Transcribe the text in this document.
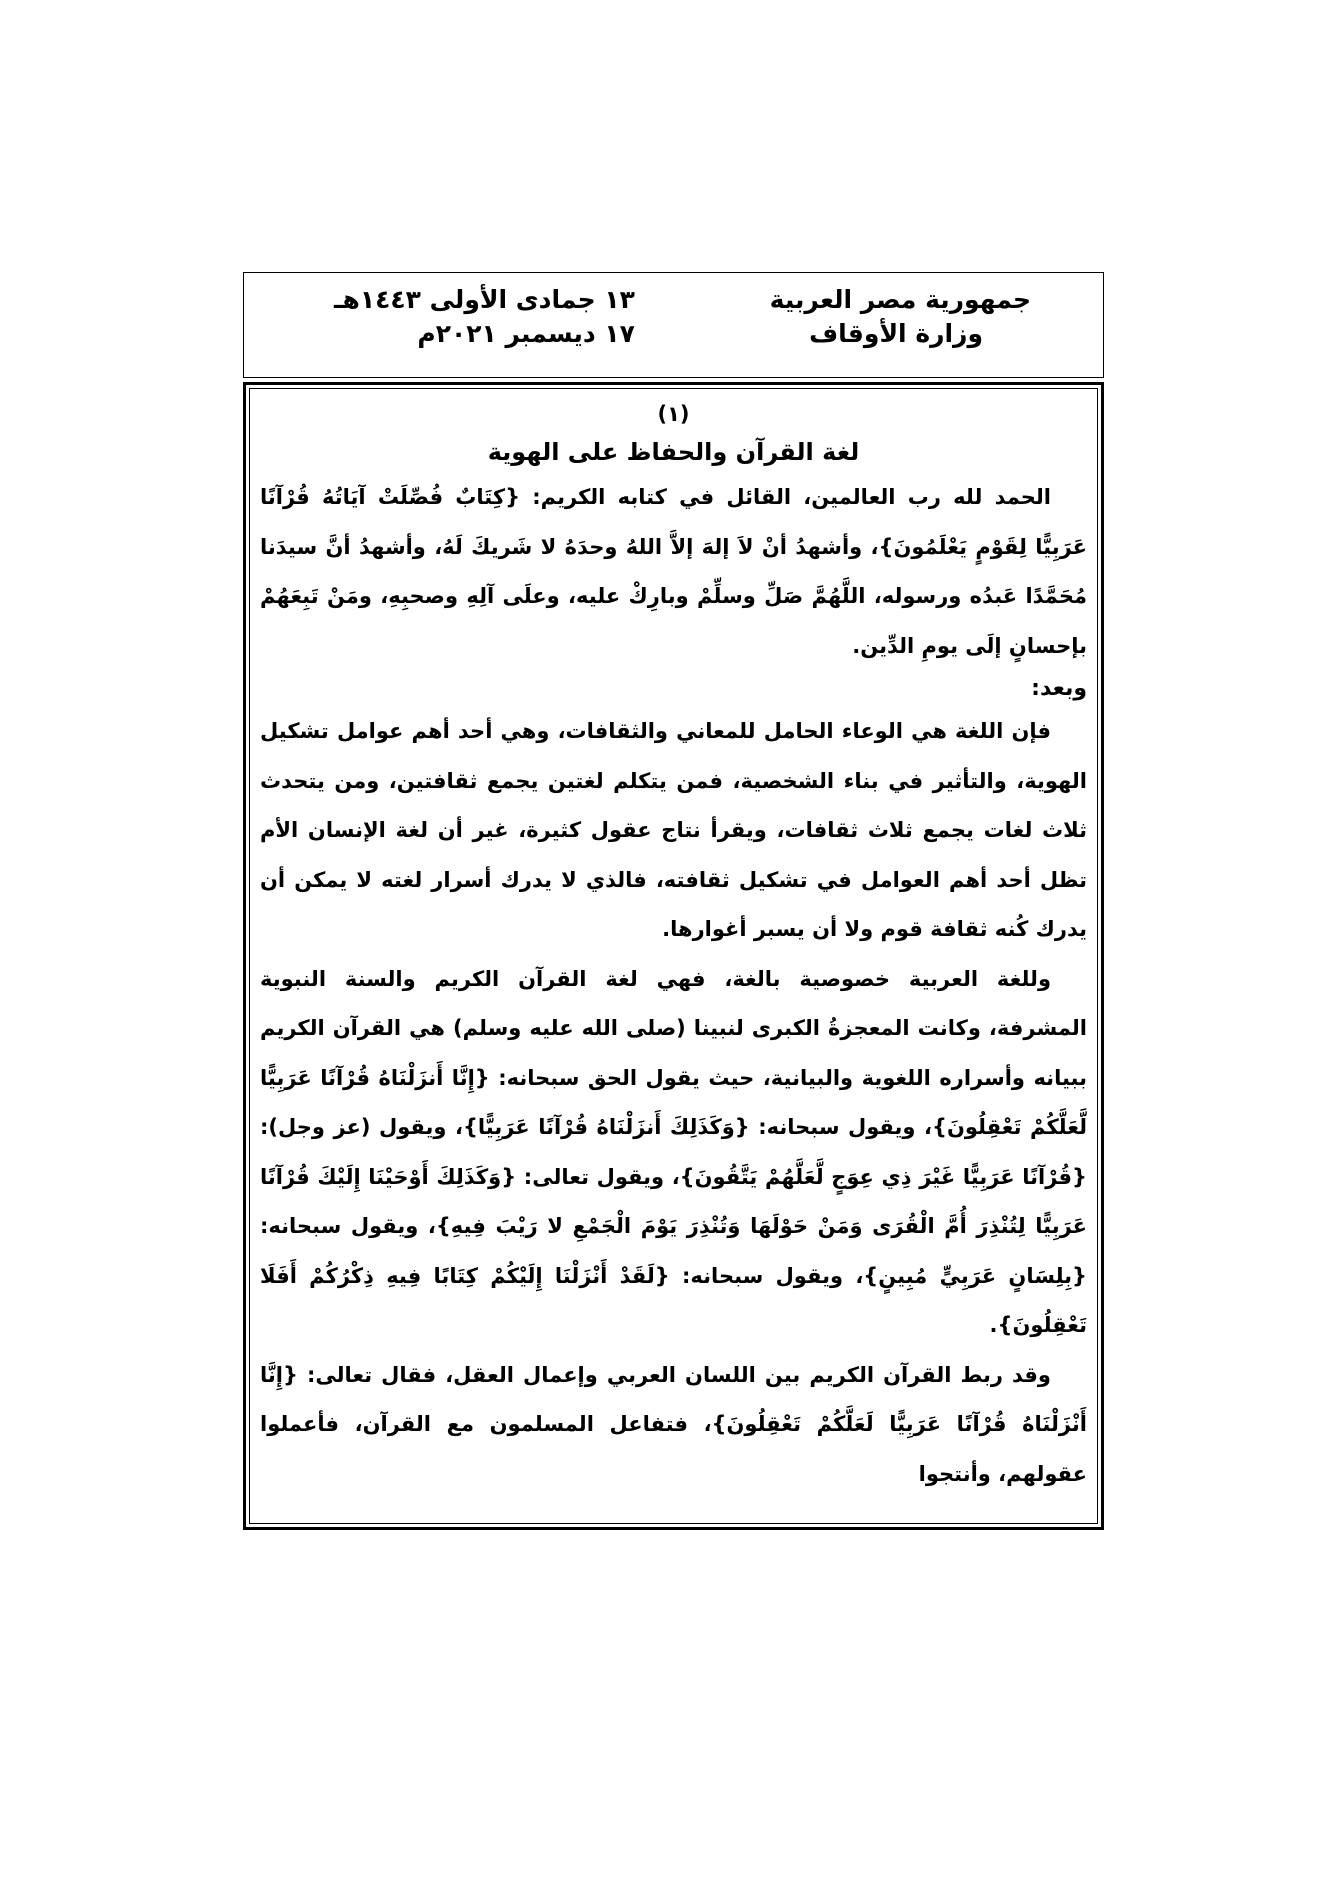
جمهورية مصر العربية
وزارة الأوقاف
١٣ جمادى الأولى ١٤٤٣هـ
١٧ ديسمبر ٢٠٢١م
(١)
لغة القرآن والحفاظ على الهوية

الحمد لله رب العالمين، القائل في كتابه الكريم: {كِتَابٌ فُصِّلَتْ آيَاتُهُ قُرْآنًا عَرَبِيًّا لِقَوْمٍ يَعْلَمُونَ}، وأشهدُ أنْ لاَ إلهَ إلاَّ اللهُ وحدَهُ لا شَريكَ لَهُ، وأشهدُ أنَّ سيدَنا مُحَمَّدًا عَبدُه ورسوله، اللَّهُمَّ صَلِّ وسلِّمْ وبارِكْ عليه، وعلَى آلِهِ وصحبِهِ، ومَنْ تَبِعَهُمْ بإحسانٍ إلَى يومِ الدِّين.

وبعد:

فإن اللغة هي الوعاء الحامل للمعاني والثقافات، وهي أحد أهم عوامل تشكيل الهوية، والتأثير في بناء الشخصية، فمن يتكلم لغتين يجمع ثقافتين، ومن يتحدث ثلاث لغات يجمع ثلاث ثقافات، ويقرأ نتاج عقول كثيرة، غير أن لغة الإنسان الأم تظل أحد أهم العوامل في تشكيل ثقافته، فالذي لا يدرك أسرار لغته لا يمكن أن يدرك كُنه ثقافة قوم ولا أن يسبر أغوارها.

وللغة العربية خصوصية بالغة، فهي لغة القرآن الكريم والسنة النبوية المشرفة، وكانت المعجزةُ الكبرى لنبينا (صلى الله عليه وسلم) هي القرآن الكريم ببيانه وأسراره اللغوية والبيانية، حيث يقول الحق سبحانه: {إِنَّا أَنزَلْنَاهُ قُرْآنًا عَرَبِيًّا لَّعَلَّكُمْ تَعْقِلُونَ}، ويقول سبحانه: {وَكَذَلِكَ أَنزَلْنَاهُ قُرْآنًا عَرَبِيًّا}، ويقول (عز وجل): {قُرْآنًا عَرَبِيًّا غَيْرَ ذِي عِوَجٍ لَّعَلَّهُمْ يَتَّقُونَ}، ويقول تعالى: {وَكَذَلِكَ أَوْحَيْنَا إِلَيْكَ قُرْآنًا عَرَبِيًّا لِتُنْذِرَ أُمَّ الْقُرَى وَمَنْ حَوْلَهَا وَتُنْذِرَ يَوْمَ الْجَمْعِ لا رَيْبَ فِيهِ}، ويقول سبحانه: {بِلِسَانٍ عَرَبِيٍّ مُبِينٍ}، ويقول سبحانه: {لَقَدْ أَنْزَلْنَا إِلَيْكُمْ كِتَابًا فِيهِ ذِكْرُكُمْ أَفَلَا تَعْقِلُونَ}.

وقد ربط القرآن الكريم بين اللسان العربي وإعمال العقل، فقال تعالى: {إِنَّا أَنْزَلْنَاهُ قُرْآنًا عَرَبِيًّا لَعَلَّكُمْ تَعْقِلُونَ}، فتفاعل المسلمون مع القرآن، فأعملوا عقولهم، وأنتجوا
